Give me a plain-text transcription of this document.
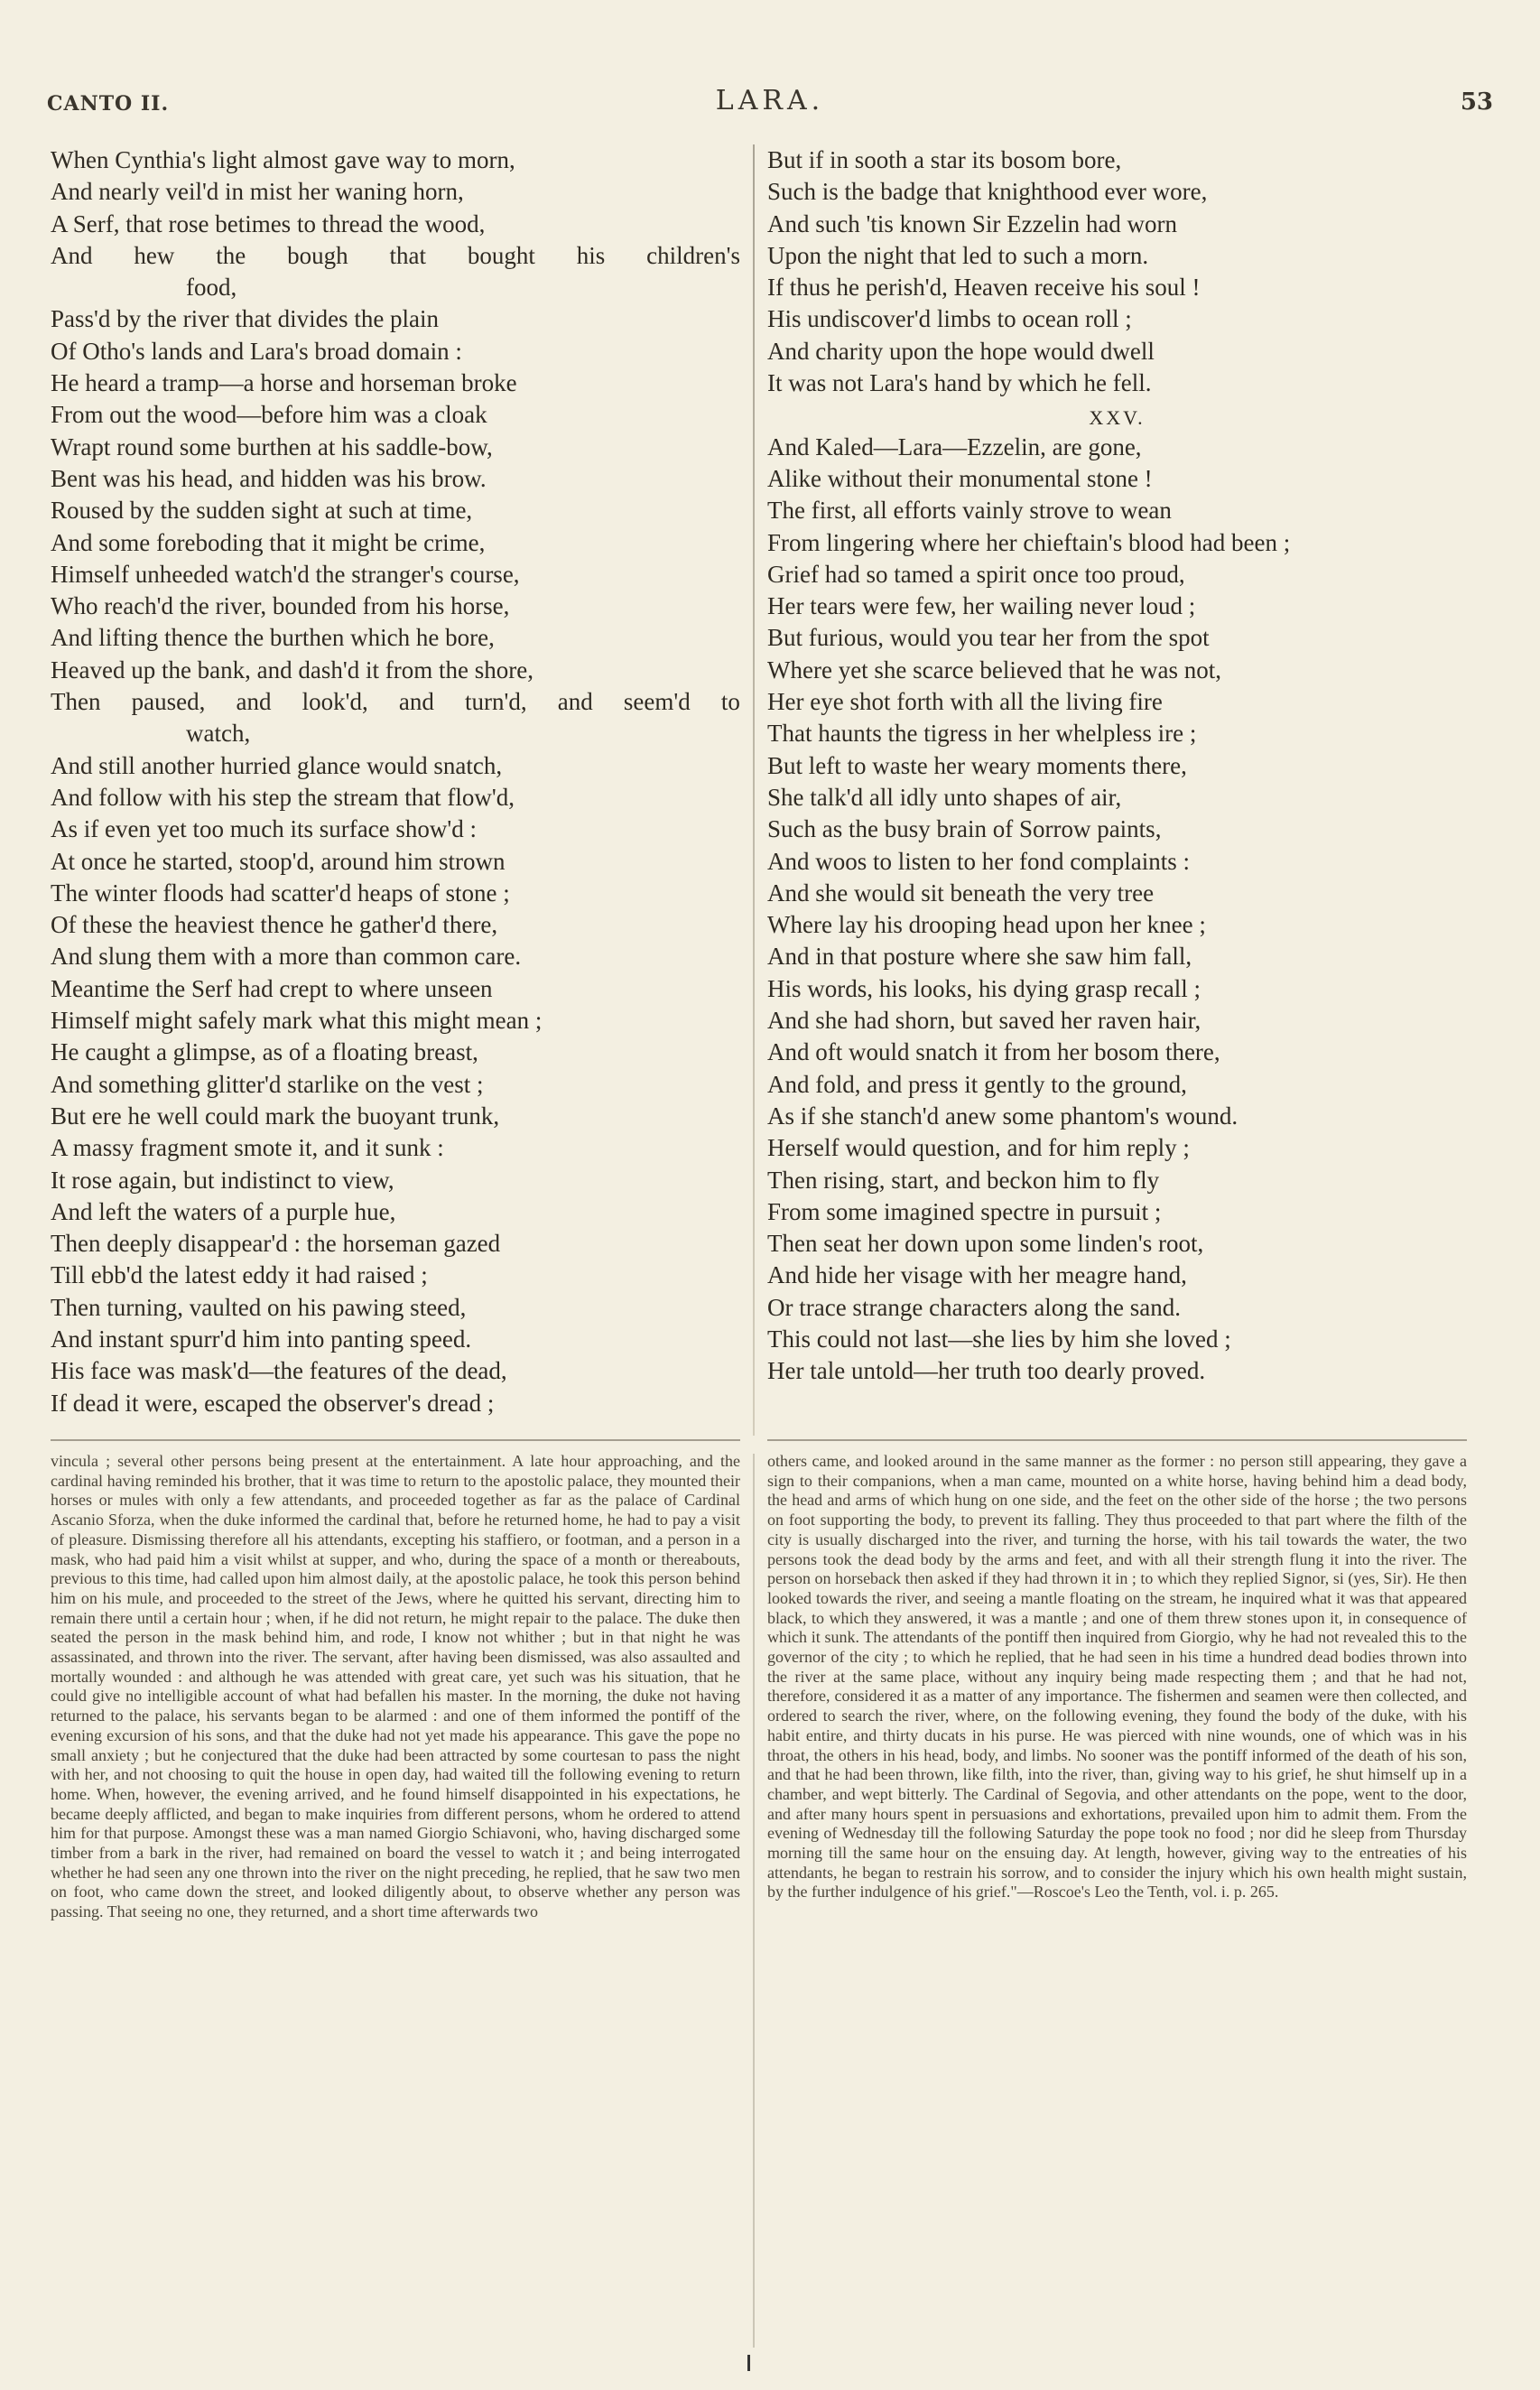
CANTO II.	LARA.	53
When Cynthia's light almost gave way to morn,
And nearly veil'd in mist her waning horn,
A Serf, that rose betimes to thread the wood,
And hew the bough that bought his children's
food,
Pass'd by the river that divides the plain
Of Otho's lands and Lara's broad domain :
He heard a tramp—a horse and horseman broke
From out the wood—before him was a cloak
Wrapt round some burthen at his saddle-bow,
Bent was his head, and hidden was his brow.
Roused by the sudden sight at such at time,
And some foreboding that it might be crime,
Himself unheeded watch'd the stranger's course,
Who reach'd the river, bounded from his horse,
And lifting thence the burthen which he bore,
Heaved up the bank, and dash'd it from the shore,
Then paused, and look'd, and turn'd, and seem'd to
watch,
And still another hurried glance would snatch,
And follow with his step the stream that flow'd,
As if even yet too much its surface show'd :
At once he started, stoop'd, around him strown
The winter floods had scatter'd heaps of stone ;
Of these the heaviest thence he gather'd there,
And slung them with a more than common care.
Meantime the Serf had crept to where unseen
Himself might safely mark what this might mean ;
He caught a glimpse, as of a floating breast,
And something glitter'd starlike on the vest ;
But ere he well could mark the buoyant trunk,
A massy fragment smote it, and it sunk :
It rose again, but indistinct to view,
And left the waters of a purple hue,
Then deeply disappear'd : the horseman gazed
Till ebb'd the latest eddy it had raised ;
Then turning, vaulted on his pawing steed,
And instant spurr'd him into panting speed.
His face was mask'd—the features of the dead,
If dead it were, escaped the observer's dread ;
But if in sooth a star its bosom bore,
Such is the badge that knighthood ever wore,
And such 'tis known Sir Ezzelin had worn
Upon the night that led to such a morn.
If thus he perish'd, Heaven receive his soul !
His undiscover'd limbs to ocean roll ;
And charity upon the hope would dwell
It was not Lara's hand by which he fell.
XXV.
And Kaled—Lara—Ezzelin, are gone,
Alike without their monumental stone !
The first, all efforts vainly strove to wean
From lingering where her chieftain's blood had been ;
Grief had so tamed a spirit once too proud,
Her tears were few, her wailing never loud ;
But furious, would you tear her from the spot
Where yet she scarce believed that he was not,
Her eye shot forth with all the living fire
That haunts the tigress in her whelpless ire ;
But left to waste her weary moments there,
She talk'd all idly unto shapes of air,
Such as the busy brain of Sorrow paints,
And woos to listen to her fond complaints :
And she would sit beneath the very tree
Where lay his drooping head upon her knee ;
And in that posture where she saw him fall,
His words, his looks, his dying grasp recall ;
And she had shorn, but saved her raven hair,
And oft would snatch it from her bosom there,
And fold, and press it gently to the ground,
As if she stanch'd anew some phantom's wound.
Herself would question, and for him reply ;
Then rising, start, and beckon him to fly
From some imagined spectre in pursuit ;
Then seat her down upon some linden's root,
And hide her visage with her meagre hand,
Or trace strange characters along the sand.
This could not last—she lies by him she loved ;
Her tale untold—her truth too dearly proved.

vincula ; several other persons being present at the entertainment. A late hour approaching, and the cardinal having reminded his brother, that it was time to return to the apostolic palace, they mounted their horses or mules with only a few attendants, and proceeded together as far as the palace of Cardinal Ascanio Sforza, when the duke informed the cardinal that, before he returned home, he had to pay a visit of pleasure. Dismissing therefore all his attendants, excepting his staffiero, or footman, and a person in a mask, who had paid him a visit whilst at supper, and who, during the space of a month or thereabouts, previous to this time, had called upon him almost daily, at the apostolic palace, he took this person behind him on his mule, and proceeded to the street of the Jews, where he quitted his servant, directing him to remain there until a certain hour ; when, if he did not return, he might repair to the palace. The duke then seated the person in the mask behind him, and rode, I know not whither ; but in that night he was assassinated, and thrown into the river. The servant, after having been dismissed, was also assaulted and mortally wounded : and although he was attended with great care, yet such was his situation, that he could give no intelligible account of what had befallen his master. In the morning, the duke not having returned to the palace, his servants began to be alarmed : and one of them informed the pontiff of the evening excursion of his sons, and that the duke had not yet made his appearance. This gave the pope no small anxiety ; but he conjectured that the duke had been attracted by some courtesan to pass the night with her, and not choosing to quit the house in open day, had waited till the following evening to return home. When, however, the evening arrived, and he found himself disappointed in his expectations, he became deeply afflicted, and began to make inquiries from different persons, whom he ordered to attend him for that purpose. Amongst these was a man named Giorgio Schiavoni, who, having discharged some timber from a bark in the river, had remained on board the vessel to watch it ; and being interrogated whether he had seen any one thrown into the river on the night preceding, he replied, that he saw two men on foot, who came down the street, and looked diligently about, to observe whether any person was passing. That seeing no one, they returned, and a short time afterwards two

others came, and looked around in the same manner as the former : no person still appearing, they gave a sign to their companions, when a man came, mounted on a white horse, having behind him a dead body, the head and arms of which hung on one side, and the feet on the other side of the horse ; the two persons on foot supporting the body, to prevent its falling. They thus proceeded to that part where the filth of the city is usually discharged into the river, and turning the horse, with his tail towards the water, the two persons took the dead body by the arms and feet, and with all their strength flung it into the river. The person on horseback then asked if they had thrown it in ; to which they replied Signor, si (yes, Sir). He then looked towards the river, and seeing a mantle floating on the stream, he inquired what it was that appeared black, to which they answered, it was a mantle ; and one of them threw stones upon it, in consequence of which it sunk. The attendants of the pontiff then inquired from Giorgio, why he had not revealed this to the governor of the city ; to which he replied, that he had seen in his time a hundred dead bodies thrown into the river at the same place, without any inquiry being made respecting them ; and that he had not, therefore, considered it as a matter of any importance. The fishermen and seamen were then collected, and ordered to search the river, where, on the following evening, they found the body of the duke, with his habit entire, and thirty ducats in his purse. He was pierced with nine wounds, one of which was in his throat, the others in his head, body, and limbs. No sooner was the pontiff informed of the death of his son, and that he had been thrown, like filth, into the river, than, giving way to his grief, he shut himself up in a chamber, and wept bitterly. The Cardinal of Segovia, and other attendants on the pope, went to the door, and after many hours spent in persuasions and exhortations, prevailed upon him to admit them. From the evening of Wednesday till the following Saturday the pope took no food ; nor did he sleep from Thursday morning till the same hour on the ensuing day. At length, however, giving way to the entreaties of his attendants, he began to restrain his sorrow, and to consider the injury which his own health might sustain, by the further indulgence of his grief."—Roscoe's Leo the Tenth, vol. i. p. 265.
